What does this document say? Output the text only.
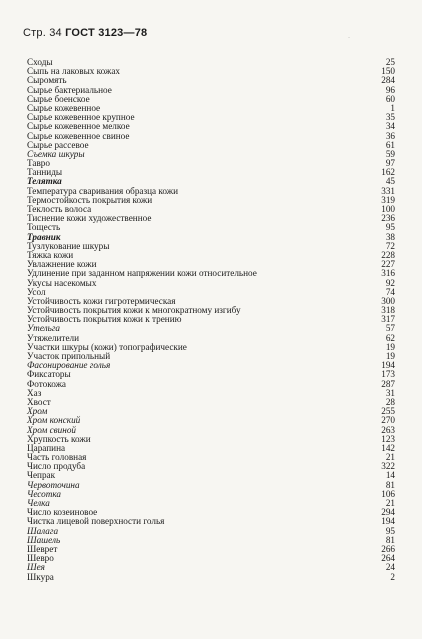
Стр. 34 ГОСТ 3123—78
˙
Сходы	25
Сыпь на лаковых кожах	150
Сыромять	284
Сырье бактериальное	96
Сырье боенское	60
Сырье кожевенное	1
Сырье кожевенное крупное	35
Сырье кожевенное мелкое	34
Сырье кожевенное свиное	36
Сырье рассевое	61
Съемка шкуры	59
Тавро	97
Танниды	162
Телятка	45
Температура сваривания образца кожи	331
Термостойкость покрытия кожи	319
Теклость волоса	100
Тиснение кожи художественное	236
Тощесть	95
Травник	38
Тузлукование шкуры	72
Тяжка кожи	228
Увлажнение кожи	227
Удлинение при заданном напряжении кожи относительное	316
Укусы насекомых	92
Усол	74
Устойчивость кожи гигротермическая	300
Устойчивость покрытия кожи к многократному изгибу	318
Устойчивость покрытия кожи к трению	317
Утельга	57
Утяжелители	62
Участки шкуры (кожи) топографические	19
Участок припольный	19
Фасонирование голья	194
Фиксаторы	173
Фотокожа	287
Хаз	31
Хвост	28
Хром	255
Хром конский	270
Хром свиной	263
Хрупкость кожи	123
Царапина	142
Часть головная	21
Число продуба	322
Чепрак	14
Червоточина	81
Чесотка	106
Челка	21
Число козеиновое	294
Чистка лицевой поверхности голья	194
Шалага	95
Шашель	81
Шеврет	266
Шевро	264
Шея	24
Шкура	2
